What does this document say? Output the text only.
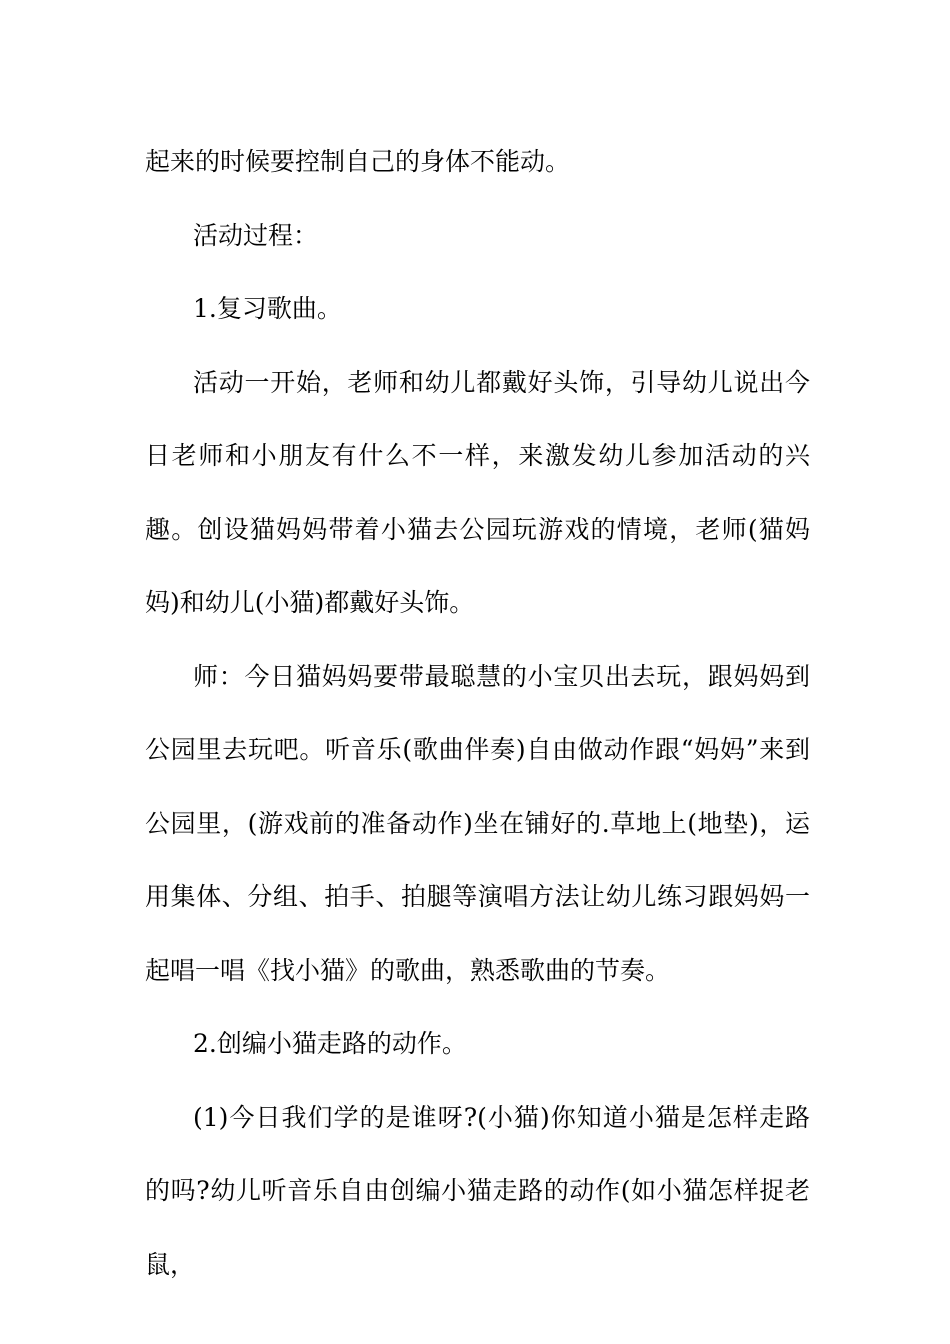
起来的时候要控制自己的身体不能动。

活动过程：

1.复习歌曲。

活动一开始，老师和幼儿都戴好头饰，引导幼儿说出今日老师和小朋友有什么不一样，来激发幼儿参加活动的兴趣。创设猫妈妈带着小猫去公园玩游戏的情境，老师(猫妈妈)和幼儿(小猫)都戴好头饰。

师：今日猫妈妈要带最聪慧的小宝贝出去玩，跟妈妈到公园里去玩吧。听音乐(歌曲伴奏)自由做动作跟“妈妈”来到公园里，(游戏前的准备动作)坐在铺好的.草地上(地垫)，运用集体、分组、拍手、拍腿等演唱方法让幼儿练习跟妈妈一起唱一唱《找小猫》的歌曲，熟悉歌曲的节奏。

2.创编小猫走路的动作。

(1)今日我们学的是谁呀?(小猫)你知道小猫是怎样走路的吗?幼儿听音乐自由创编小猫走路的动作(如小猫怎样捉老鼠，
